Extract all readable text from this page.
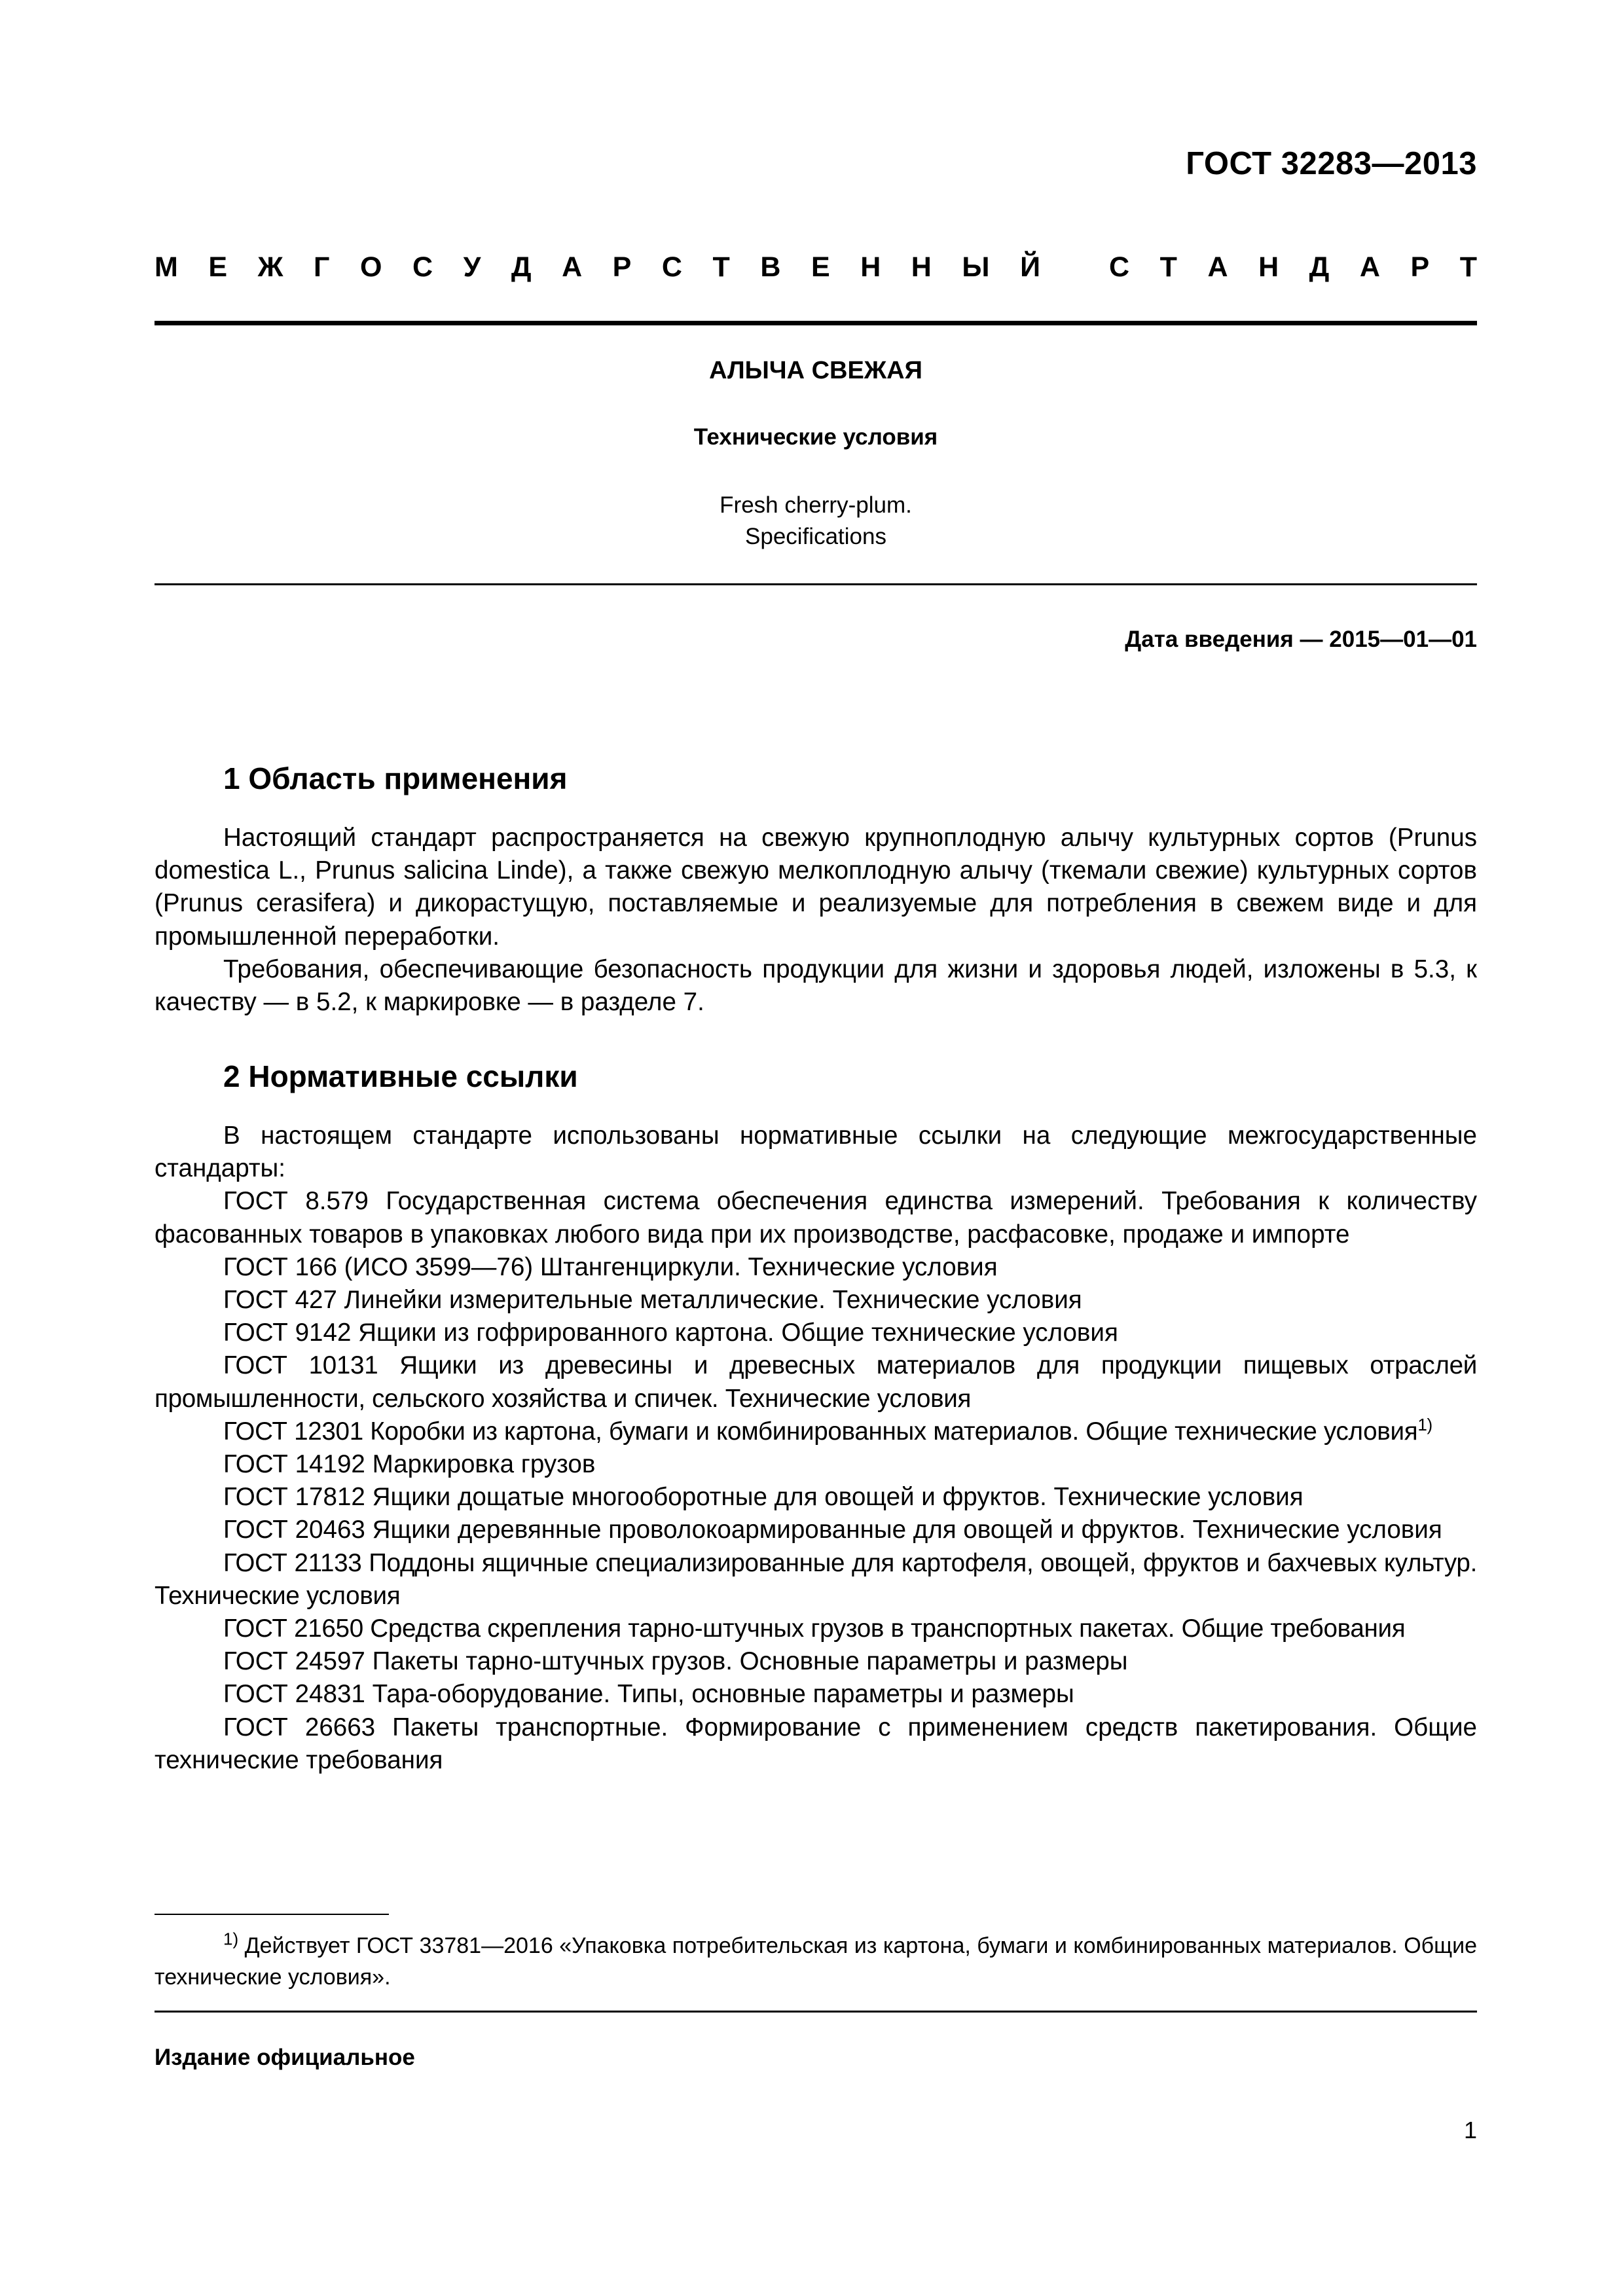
ГОСТ 32283—2013
М Е Ж Г О С У Д А Р С Т В Е Н Н Ы Й
С Т А Н Д А Р Т
АЛЫЧА СВЕЖАЯ
Технические условия
Fresh cherry-plum.
Specifications
Дата введения — 2015—01—01
1 Область применения

Настоящий стандарт распространяется на свежую крупноплодную алычу культурных сортов (Prunus domestica L., Prunus salicina Linde), а также свежую мелкоплодную алычу (ткемали свежие) культурных сортов (Prunus cerasifera) и дикорастущую, поставляемые и реализуемые для потребления в свежем виде и для промышленной переработки.

Требования, обеспечивающие безопасность продукции для жизни и здоровья людей, изложены в 5.3, к качеству — в 5.2, к маркировке — в разделе 7.

2 Нормативные ссылки

В настоящем стандарте использованы нормативные ссылки на следующие межгосударственные стандарты:

ГОСТ 8.579 Государственная система обеспечения единства измерений. Требования к количеству фасованных товаров в упаковках любого вида при их производстве, расфасовке, продаже и импорте

ГОСТ 166 (ИСО 3599—76) Штангенциркули. Технические условия

ГОСТ 427 Линейки измерительные металлические. Технические условия

ГОСТ 9142 Ящики из гофрированного картона. Общие технические условия

ГОСТ 10131 Ящики из древесины и древесных материалов для продукции пищевых отраслей промышленности, сельского хозяйства и спичек. Технические условия

ГОСТ 12301 Коробки из картона, бумаги и комбинированных материалов. Общие технические условия$^{1)}$

ГОСТ 14192 Маркировка грузов

ГОСТ 17812 Ящики дощатые многооборотные для овощей и фруктов. Технические условия

ГОСТ 20463 Ящики деревянные проволокоармированные для овощей и фруктов. Технические условия

ГОСТ 21133 Поддоны ящичные специализированные для картофеля, овощей, фруктов и бахчевых культур. Технические условия

ГОСТ 21650 Средства скрепления тарно-штучных грузов в транспортных пакетах. Общие требования

ГОСТ 24597 Пакеты тарно-штучных грузов. Основные параметры и размеры

ГОСТ 24831 Тара-оборудование. Типы, основные параметры и размеры

ГОСТ 26663 Пакеты транспортные. Формирование с применением средств пакетирования. Общие технические требования

$^{1)}$ Действует ГОСТ 33781—2016 «Упаковка потребительская из картона, бумаги и комбинированных материалов. Общие технические условия».

Издание официальное
1
